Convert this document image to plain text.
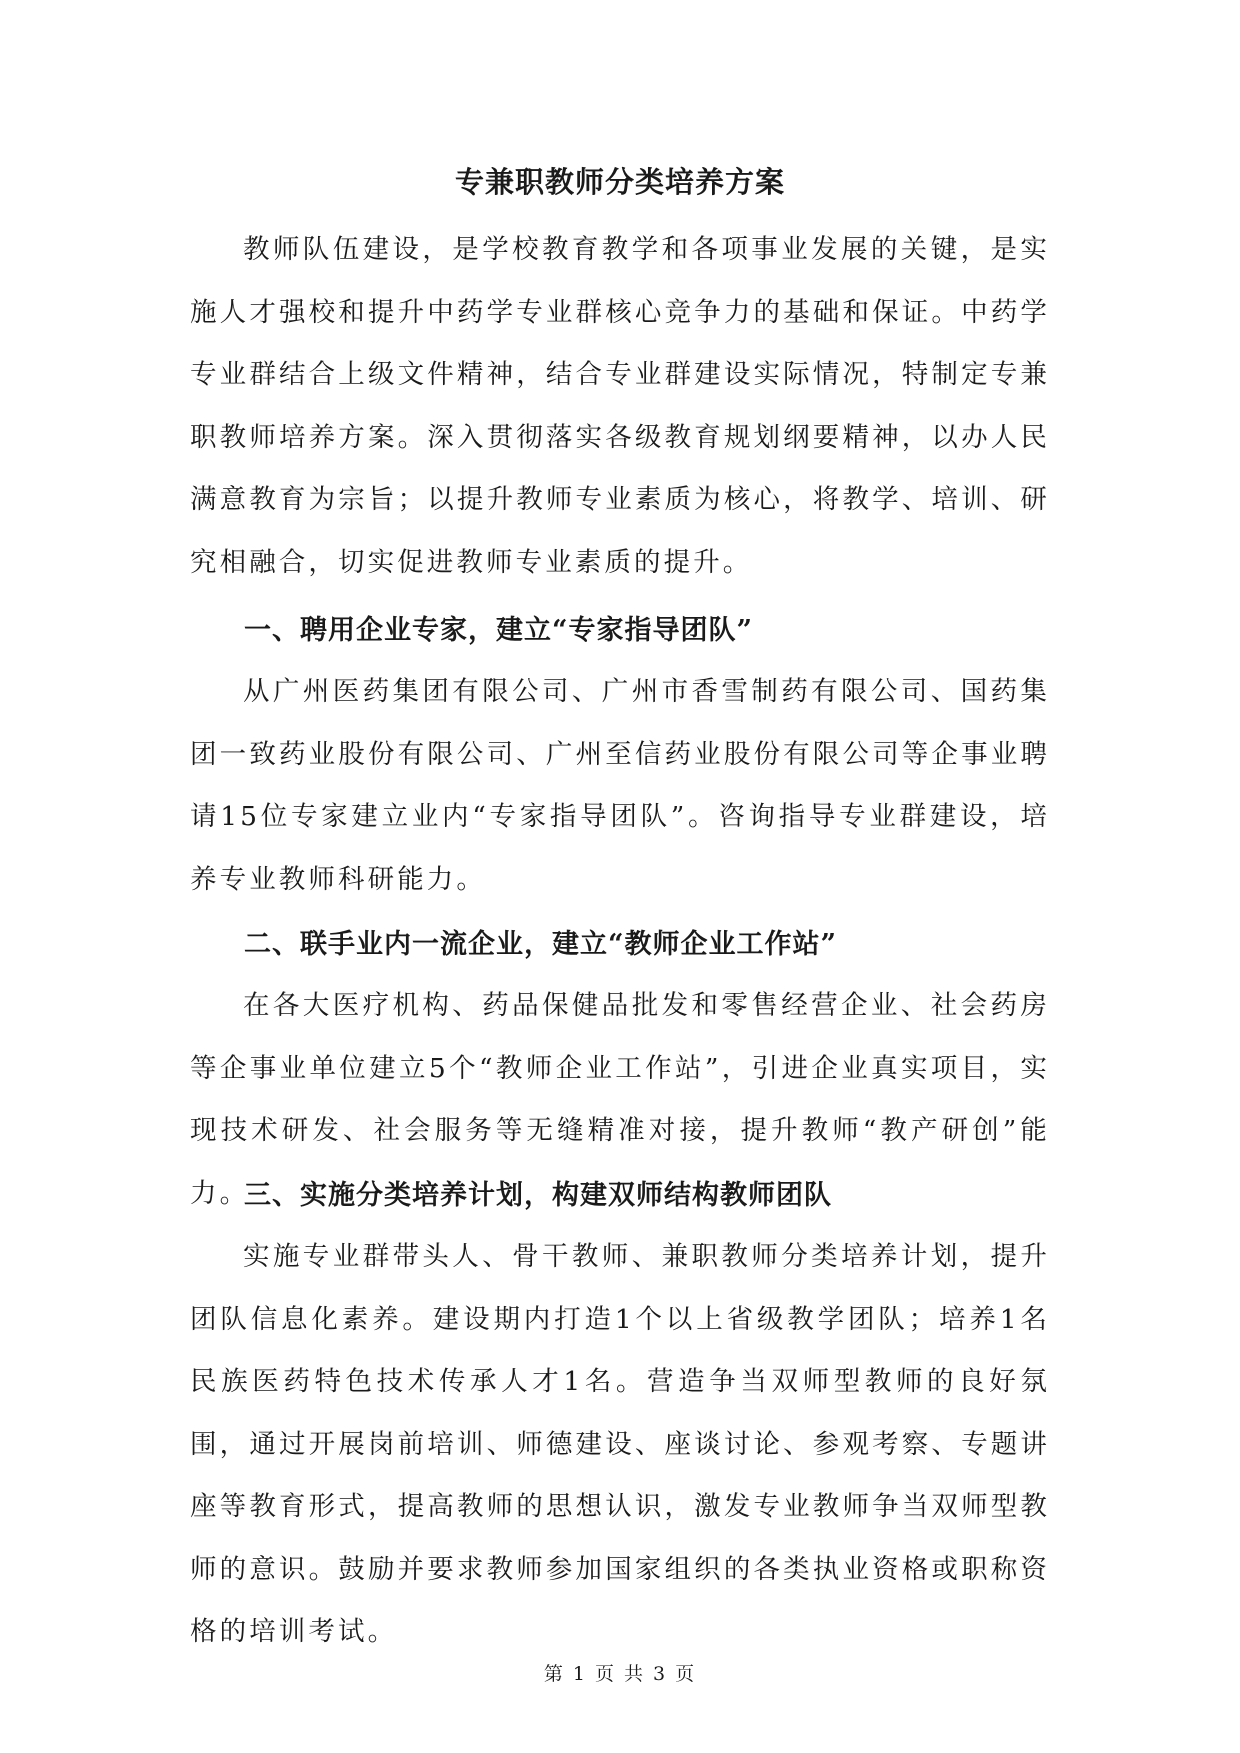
专兼职教师分类培养方案

教师队伍建设，是学校教育教学和各项事业发展的关键，是实施人才强校和提升中药学专业群核心竞争力的基础和保证。中药学专业群结合上级文件精神，结合专业群建设实际情况，特制定专兼职教师培养方案。深入贯彻落实各级教育规划纲要精神，以办人民满意教育为宗旨；以提升教师专业素质为核心，将教学、培训、研究相融合，切实促进教师专业素质的提升。

一、聘用企业专家，建立“专家指导团队”

从广州医药集团有限公司、广州市香雪制药有限公司、国药集团一致药业股份有限公司、广州至信药业股份有限公司等企事业聘请15位专家建立业内“专家指导团队”。咨询指导专业群建设，培养专业教师科研能力。

二、联手业内一流企业，建立“教师企业工作站”

在各大医疗机构、药品保健品批发和零售经营企业、社会药房等企事业单位建立5个“教师企业工作站”，引进企业真实项目，实现技术研发、社会服务等无缝精准对接，提升教师“教产研创”能力。

三、实施分类培养计划，构建双师结构教师团队

实施专业群带头人、骨干教师、兼职教师分类培养计划，提升团队信息化素养。建设期内打造1个以上省级教学团队；培养1名民族医药特色技术传承人才1名。营造争当双师型教师的良好氛围，通过开展岗前培训、师德建设、座谈讨论、参观考察、专题讲座等教育形式，提高教师的思想认识，激发专业教师争当双师型教师的意识。鼓励并要求教师参加国家组织的各类执业资格或职称资格的培训考试。

第 1 页 共 3 页
